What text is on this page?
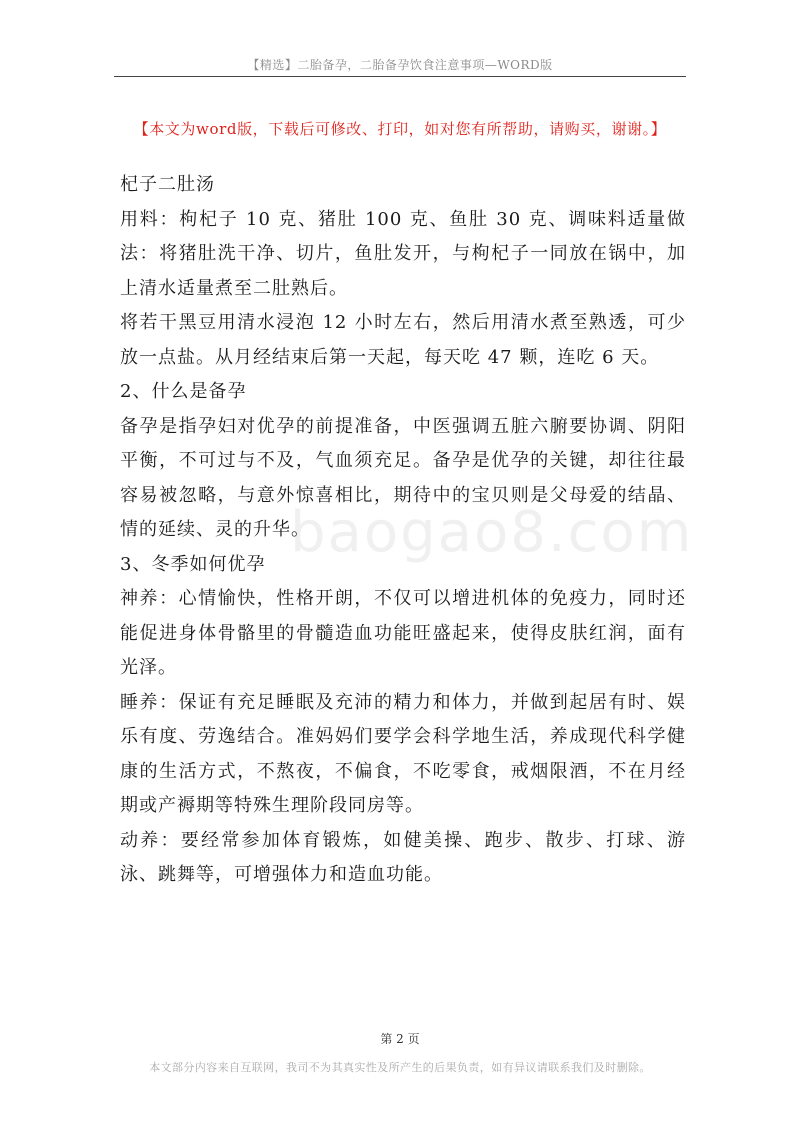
【精选】二胎备孕，二胎备孕饮食注意事项—WORD版
【本文为word版，下载后可修改、打印，如对您有所帮助，请购买，谢谢。】
baogao8.com

杞子二肚汤

用料：枸杞子 10 克、猪肚 100 克、鱼肚 30 克、调味料适量做法：将猪肚洗干净、切片，鱼肚发开，与枸杞子一同放在锅中，加上清水适量煮至二肚熟后。

将若干黑豆用清水浸泡 12 小时左右，然后用清水煮至熟透，可少放一点盐。从月经结束后第一天起，每天吃 47 颗，连吃 6 天。

2、什么是备孕

备孕是指孕妇对优孕的前提准备，中医强调五脏六腑要协调、阴阳平衡，不可过与不及，气血须充足。备孕是优孕的关键，却往往最容易被忽略，与意外惊喜相比，期待中的宝贝则是父母爱的结晶、情的延续、灵的升华。

3、冬季如何优孕

神养：心情愉快，性格开朗，不仅可以增进机体的免疫力，同时还能促进身体骨骼里的骨髓造血功能旺盛起来，使得皮肤红润，面有光泽。

睡养：保证有充足睡眠及充沛的精力和体力，并做到起居有时、娱乐有度、劳逸结合。准妈妈们要学会科学地生活，养成现代科学健康的生活方式，不熬夜，不偏食，不吃零食，戒烟限酒，不在月经期或产褥期等特殊生理阶段同房等。

动养：要经常参加体育锻炼，如健美操、跑步、散步、打球、游泳、跳舞等，可增强体力和造血功能。

第 2 页
本文部分内容来自互联网，我司不为其真实性及所产生的后果负责，如有异议请联系我们及时删除。
